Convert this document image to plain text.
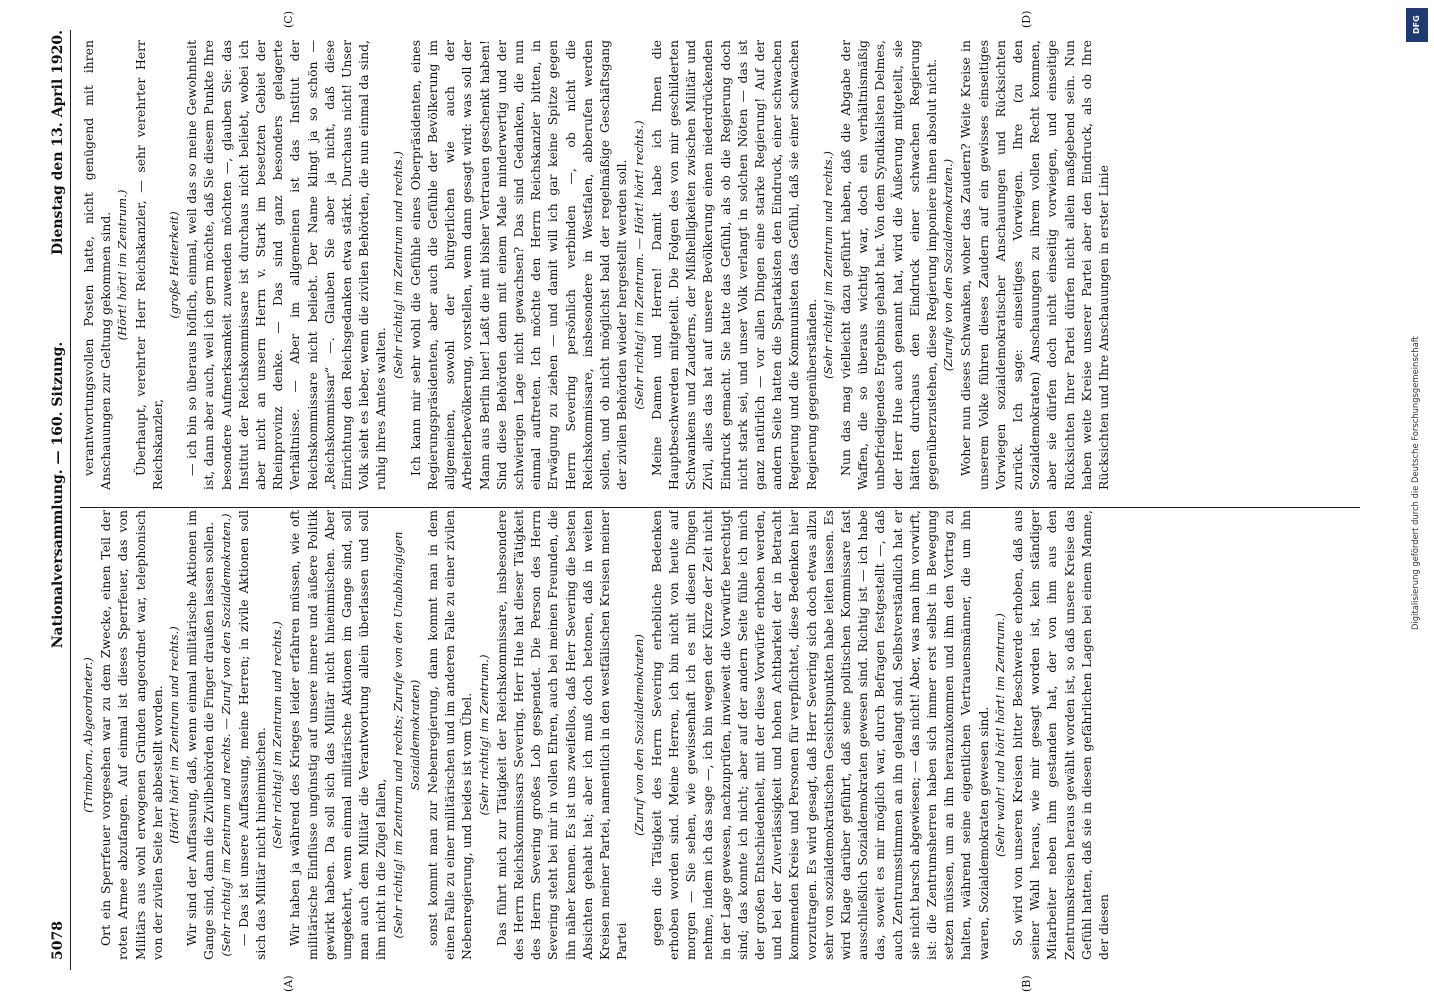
5078
Nationalversammlung. — 160. Sitzung.
Dienstag den 13. April 1920.
(A)	(B)
(C)	(D)

(Trimborn, Abgeordneter.) Ort ein Sperrfeuer vorgesehen war zu dem Zwecke, einen Teil der roten Armee abzufangen. Auf einmal ist dieses Sperrfeuer, das von Militärs aus wohl erwogenen Gründen angeordnet war, telephonisch von der zivilen Seite her abbestellt worden. (Hört! hört! im Zentrum und rechts.) Wir sind der Auffassung, daß, wenn einmal militärische Aktionen im Gange sind, dann die Zivilbehörden die Finger draußen lassen sollen. (Sehr richtig! im Zentrum und rechts. — Zuruf von den Sozialdemokraten.) — Das ist unsere Auffassung, meine Herren; in zivile Aktionen soll sich das Militär nicht hineinmischen. (Sehr richtig! im Zentrum und rechts.) Wir haben ja während des Krieges leider erfahren müssen, wie oft militärische Einflüsse ungünstig auf unsere innere und äußere Politik gewirkt haben. Da soll sich das Militär nicht hineinmischen. Aber umgekehrt, wenn einmal militärische Aktionen im Gange sind, soll man auch dem Militär die Verantwortung allein überlassen und soll ihm nicht in die Zügel fallen, (Sehr richtig! im Zentrum und rechts; Zurufe von den Unabhängigen Sozialdemokraten) sonst kommt man zur Nebenregierung, dann kommt man in dem einen Falle zu einer militärischen und im anderen Falle zu einer zivilen Nebenregierung, und beides ist vom Übel. (Sehr richtig! im Zentrum.) Das führt mich zur Tätigkeit der Reichskommissare, insbesondere des Herrn Reichskommissars Severing. Herr Hue hat dieser Tätigkeit des Herrn Severing großes Lob gespendet. Die Person des Herrn Severing steht bei mir in vollen Ehren, auch bei meinen Freunden, die ihn näher kennen. Es ist uns zweifellos, daß Herr Severing die besten Absichten gehabt hat; aber ich muß doch betonen, daß in weiten Kreisen meiner Partei, namentlich in den westfälischen Kreisen meiner Partei

(Zuruf von den Sozialdemokraten) gegen die Tätigkeit des Herrn Severing erhebliche Bedenken erhoben worden sind. Meine Herren, ich bin nicht von heute auf morgen — Sie sehen, wie gewissenhaft ich es mit diesen Dingen nehme, indem ich das sage —, ich bin wegen der Kürze der Zeit nicht in der Lage gewesen, nachzuprüfen, inwieweit die Vorwürfe berechtigt sind; das konnte ich nicht; aber auf der andern Seite fühle ich mich der großen Entschiedenheit, mit der diese Vorwürfe erhoben werden, und bei der Zuverlässigkeit und hohen Achtbarkeit der in Betracht kommenden Kreise und Personen für verpflichtet, diese Bedenken hier vorzutragen. Es wird gesagt, daß Herr Severing sich doch etwas allzu sehr von sozialdemokratischen Gesichtspunkten habe leiten lassen. Es wird Klage darüber geführt, daß seine politischen Kommissare fast ausschließlich Sozialdemokraten gewesen sind. Richtig ist — ich habe das, soweit es mir möglich war, durch Befragen festgestellt —, daß auch Zentrumsstimmen an ihn gelangt sind. Selbstverständlich hat er sie nicht barsch abgewiesen; — das nicht! Aber, was man ihm vorwirft, ist: die Zentrumsherren haben sich immer erst selbst in Bewegung setzen müssen, um an ihn heranzukommen und ihm den Vortrag zu halten, während seine eigentlichen Vertrauensmänner, die um ihn waren, Sozialdemokraten gewesen sind. (Sehr wahr! und hört! hört! im Zentrum.) So wird von unseren Kreisen bitter Beschwerde erhoben, daß aus seiner Wahl heraus, wie mir gesagt worden ist, kein ständiger Mitarbeiter neben ihm gestanden hat, der von ihm aus den Zentrumskreisen heraus gewählt worden ist, so daß unsere Kreise das Gefühl hatten, daß sie in diesen gefährlichen Lagen bei einem Manne, der diesen

verantwortungsvollen Posten hatte, nicht genügend mit ihren Anschauungen zur Geltung gekommen sind. (Hört! hört! im Zentrum.) Überhaupt, verehrter Herr Reichskanzler, — sehr verehrter Herr Reichskanzler,

(große Heiterkeit) — ich bin so überaus höflich, einmal, weil das so meine Gewohnheit ist, dann aber auch, weil ich gern möchte, daß Sie diesem Punkte Ihre besondere Aufmerksamkeit zuwenden möchten —, glauben Sie: das Institut der Reichskommissare ist durchaus nicht beliebt, wobei ich aber nicht an unsern Herrn v. Stark im besetzten Gebiet der Rheinprovinz denke. — Das sind ganz besonders gelagerte Verhältnisse. — Aber im allgemeinen ist das Institut der Reichskommissare nicht beliebt. Der Name klingt ja so schön — „Reichskommissar“ —. Glauben Sie aber ja nicht, daß diese Einrichtung den Reichsgedanken etwa stärkt. Durchaus nicht! Unser Volk sieht es lieber, wenn die zivilen Behörden, die nun einmal da sind, ruhig ihres Amtes walten.

(Sehr richtig! im Zentrum und rechts.) Ich kann mir sehr wohl die Gefühle eines Oberpräsidenten, eines Regierungspräsidenten, aber auch die Gefühle der Bevölkerung im allgemeinen, sowohl der bürgerlichen wie auch der Arbeiterbevölkerung, vorstellen, wenn dann gesagt wird: was soll der Mann aus Berlin hier! Laßt die mit bisher Vertrauen geschenkt haben! Sind diese Behörden denn mit einem Male minderwertig und der schwierigen Lage nicht gewachsen? Das sind Gedanken, die nun einmal auftreten. Ich möchte den Herrn Reichskanzler bitten, in Erwägung zu ziehen — und damit will ich gar keine Spitze gegen Herrn Severing persönlich verbinden —, ob nicht die Reichskommissare, insbesondere in Westfalen, abberufen werden sollen, und ob nicht möglichst bald der regelmäßige Geschäftsgang der zivilen Behörden wieder hergestellt werden soll. (Sehr richtig! im Zentrum. — Hört! hört! rechts.) Meine Damen und Herren! Damit habe ich Ihnen die Hauptbeschwerden mitgeteilt. Die Folgen des von mir geschilderten Schwankens und Zauderns, der Mißhelligkeiten zwischen Militär und Zivil, alles das hat auf unsere Bevölkerung einen niederdrückenden Eindruck gemacht. Sie hatte das Gefühl, als ob die Regierung doch nicht stark sei, und unser Volk verlangt in solchen Nöten — das ist ganz natürlich — vor allen Dingen eine starke Regierung! Auf der andern Seite hatten die Spartakisten den Eindruck, einer schwachen Regierung und die Kommunisten das Gefühl, daß sie einer schwachen Regierung gegenüberständen.

(Sehr richtig! im Zentrum und rechts.) Nun das mag vielleicht dazu geführt haben, daß die Abgabe der Waffen, die so überaus wichtig war, doch ein verhältnismäßig unbefriedigendes Ergebnis gehabt hat. Von dem Syndikalisten Delmes, der Herr Hue auch genannt hat, wird die Äußerung mitgeteilt, sie hätten durchaus den Eindruck einer schwachen Regierung gegenüberzustehen, diese Regierung imponiere ihnen absolut nicht. (Zurufe von den Sozialdemokraten.) Woher nun dieses Schwanken, woher das Zaudern? Weite Kreise in unserem Volke führen dieses Zaudern auf ein gewisses einseitiges Vorwiegen sozialdemokratischer Anschauungen und Rücksichten zurück. Ich sage: einseitiges Vorwiegen. Ihre (zu den Sozialdemokraten) Anschauungen zu ihrem vollen Recht kommen, aber sie dürfen doch nicht einseitig vorwiegen, und einseitige Rücksichten Ihrer Partei dürfen nicht allein maßgebend sein. Nun haben weite Kreise unserer Partei aber den Eindruck, als ob Ihre Rücksichten und Ihre Anschauungen in erster Linie

DFG
Digitalisierung gefördert durch die Deutsche Forschungsgemeinschaft
